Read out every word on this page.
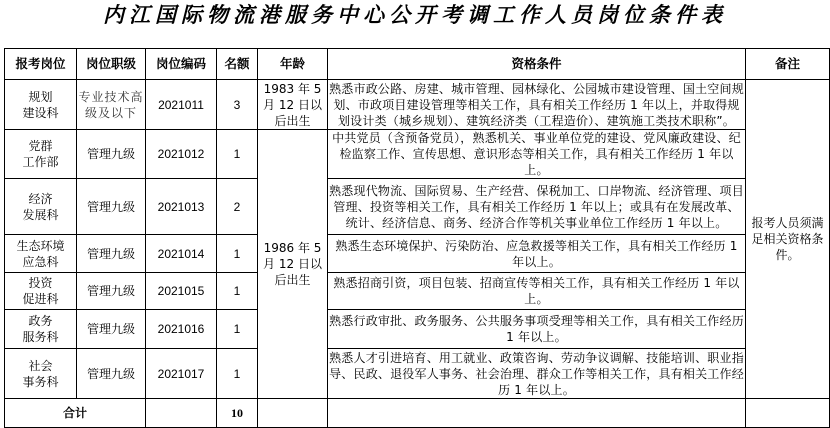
内江国际物流港服务中心公开考调工作人员岗位条件表
报考岗位	岗位职级	岗位编码	名额	年龄	资格条件	备注

规划
建设科	专业技术高级及以下	2021011	3	1983 年 5 月 12 日以后出生	熟悉市政公路、房建、城市管理、园林绿化、公园城市建设管理、国土空间规划、市政项目建设管理等相关工作，具有相关工作经历 1 年以上，并取得规划设计类（城乡规划）、建筑经济类（工程造价）、建筑施工类技术职称”。	报考人员须满足相关资格条件。

党群
工作部	管理九级	2021012	1	1986 年 5 月 12 日以后出生	中共党员（含预备党员），熟悉机关、事业单位党的建设、党风廉政建设、纪检监察工作、宣传思想、意识形态等相关工作，具有相关工作经历 1 年以上。	

经济
发展科	管理九级	2021013	2		熟悉现代物流、国际贸易、生产经营、保税加工、口岸物流、经济管理、项目管理、投资等相关工作，具有相关工作经历 1 年以上；或具有在发展改革、统计、经济信息、商务、经济合作等机关事业单位工作经历 1 年以上。	

生态环境
应急科	管理九级	2021014	1		熟悉生态环境保护、污染防治、应急救援等相关工作，具有相关工作经历 1 年以上。	

投资
促进科	管理九级	2021015	1		熟悉招商引资，项目包装、招商宣传等相关工作，具有相关工作经历 1 年以上。	

政务
服务科	管理九级	2021016	1		熟悉行政审批、政务服务、公共服务事项受理等相关工作，具有相关工作经历 1 年以上。	

社会
事务科	管理九级	2021017	1		熟悉人才引进培育、用工就业、政策咨询、劳动争议调解、技能培训、职业指导、民政、退役军人事务、社会治理、群众工作等相关工作，具有相关工作经历 1 年以上。	
合计			10			
